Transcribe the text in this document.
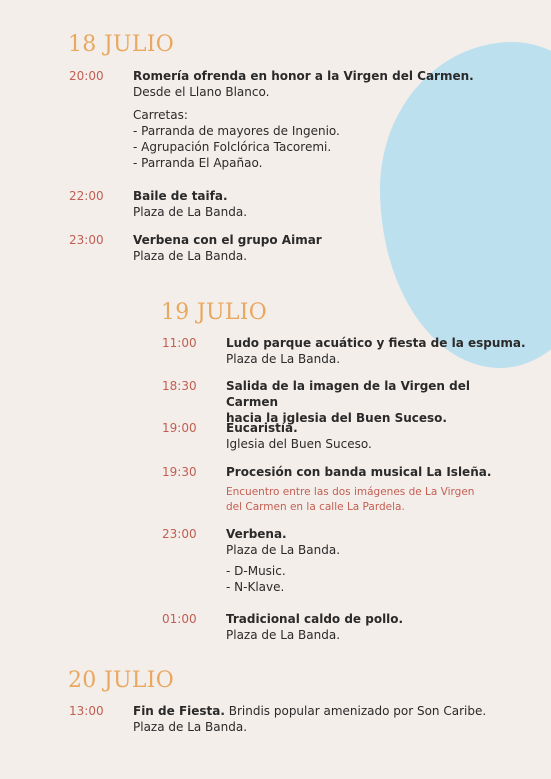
18 JULIO
20:00 Romería ofrenda en honor a la Virgen del Carmen.
Desde el Llano Blanco.
Carretas:
- Parranda de mayores de Ingenio.
- Agrupación Folclórica Tacoremi.
- Parranda El Apañao.
22:00 Baile de taifa.
Plaza de La Banda.
23:00 Verbena con el grupo Aimar
Plaza de La Banda.
19 JULIO
11:00 Ludo parque acuático y fiesta de la espuma.
Plaza de La Banda.
18:30 Salida de la imagen de la Virgen del Carmen
hacia la iglesia del Buen Suceso.
19:00 Eucaristía.
Iglesia del Buen Suceso.
19:30 Procesión con banda musical La Isleña.
Encuentro entre las dos imágenes de La Virgen
del Carmen en la calle La Pardela.
23:00 Verbena.
Plaza de La Banda.
- D-Music.
- N-Klave.
01:00 Tradicional caldo de pollo.
Plaza de La Banda.
20 JULIO
13:00 Fin de Fiesta. Brindis popular amenizado por Son Caribe.
Plaza de La Banda.
